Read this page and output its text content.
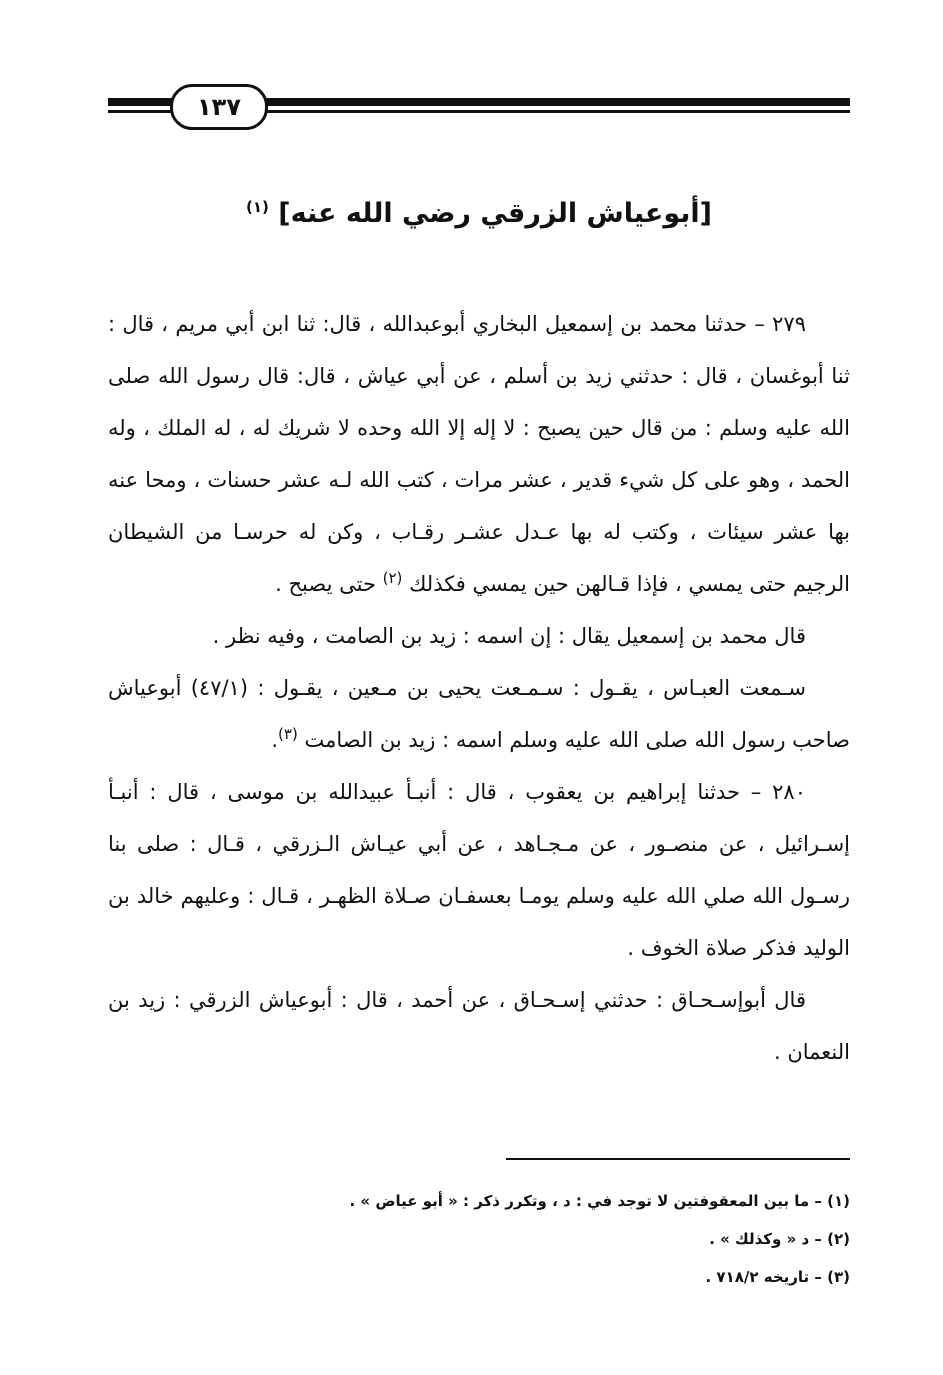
١٣٧
[أبوعياش الزرقي رضي الله عنه] $^{(١)}$

٢٧٩ – حدثنا محمد بن إسمعيل البخاري أبوعبدالله ، قال: ثنا ابن أبي مريم ، قال : ثنا أبوغسان ، قال : حدثني زيد بن أسلم ، عن أبي عياش ، قال: قال رسول الله صلى الله عليه وسلم : من قال حين يصبح : لا إله إلا الله وحده لا شريك له ، له الملك ، وله الحمد ، وهو على كل شيء قدير ، عشر مرات ، كتب الله لـه عشر حسنات ، ومحا عنه بها عشر سيئات ، وكتب له بها عـدل عشـر رقـاب ، وكن له حرسـا من الشيطان الرجيم حتى يمسي ، فإذا قـالهن حين يمسي فكذلك $^{(٢)}$ حتى يصبح .

قال محمد بن إسمعيل يقال : إن اسمه : زيد بن الصامت ، وفيه نظر .

سـمعت العبـاس ، يقـول : سـمـعت يحيى بن مـعين ، يقـول : (٤٧/١) أبوعياش صاحب رسول الله صلى الله عليه وسلم اسمه : زيد بن الصامت $^{(٣)}$.

٢٨٠ – حدثنا إبراهيم بن يعقوب ، قال : أنبـأ عبيدالله بن موسى ، قال : أنبـأ إسـرائيل ، عن منصـور ، عن مـجـاهد ، عن أبي عيـاش الـزرقي ، قـال : صلى بنا رسـول الله صلي الله عليه وسلم يومـا بعسفـان صـلاة الظهـر ، قـال : وعليهم خالد بن الوليد فذكر صلاة الخوف .

قال أبوإسـحـاق : حدثني إسـحـاق ، عن أحمد ، قال : أبوعياش الزرقي : زيد بن النعمان .

(١) – ما بين المعقوفتين لا توجد في : د ، وتكرر ذكر : « أبو عياض » .

(٢) – د « وكذلك » .

(٣) – تاريخه ٧١٨/٢ .
